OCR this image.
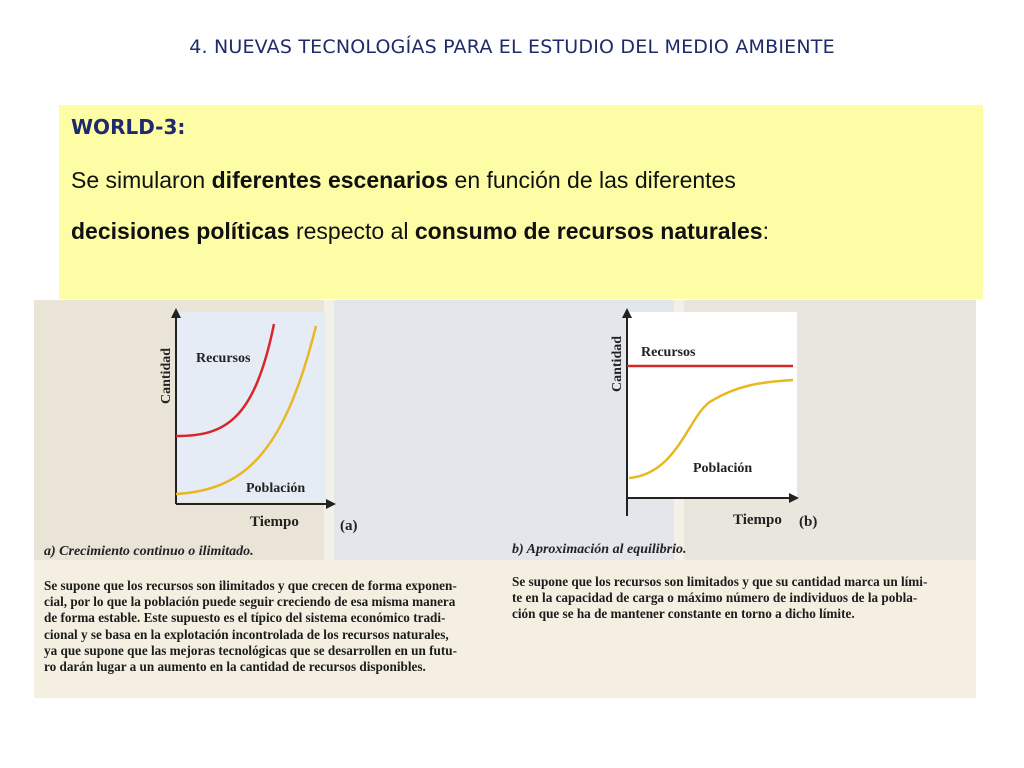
4. NUEVAS TECNOLOGÍAS PARA EL ESTUDIO DEL MEDIO AMBIENTE
Cantidad Recursos
Población
Tiempo	(a)
Cantidad Recursos
Población
Tiempo (b)
a) Crecimiento continuo o ilimitado.	b) Aproximación al equilibrio.
Se supone que los recursos son ilimitados y que crecen de forma exponen-
cial, por lo que la población puede seguir creciendo de esa misma manera
de forma estable. Este supuesto es el típico del sistema económico tradi-
cional y se basa en la explotación incontrolada de los recursos naturales,
ya que supone que las mejoras tecnológicas que se desarrollen en un futu-
ro darán lugar a un aumento en la cantidad de recursos disponibles.
Se supone que los recursos son limitados y que su cantidad marca un lími-
te en la capacidad de carga o máximo número de individuos de la pobla-
ción que se ha de mantener constante en torno a dicho límite.
WORLD-3:
Se simularon diferentes escenarios en función de las diferentes
decisiones políticas respecto al consumo de recursos naturales:
